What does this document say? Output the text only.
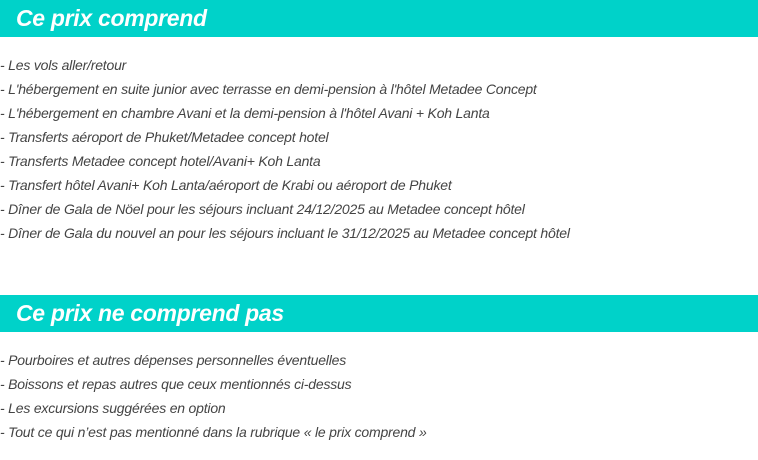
Ce prix comprend
- Les vols aller/retour
- L'hébergement en suite junior avec terrasse en demi-pension à l'hôtel Metadee Concept
- L'hébergement en chambre Avani et la demi-pension à l'hôtel Avani + Koh Lanta
- Transferts aéroport de Phuket/Metadee concept hotel
- Transferts Metadee concept hotel/Avani+ Koh Lanta
- Transfert hôtel Avani+ Koh Lanta/aéroport de Krabi ou aéroport de Phuket
- Dîner de Gala de Nöel pour les séjours incluant 24/12/2025 au Metadee concept hôtel
- Dîner de Gala du nouvel an pour les séjours incluant le 31/12/2025 au Metadee concept hôtel
Ce prix ne comprend pas
- Pourboires et autres dépenses personnelles éventuelles
- Boissons et repas autres que ceux mentionnés ci-dessus
- Les excursions suggérées en option
- Tout ce qui n’est pas mentionné dans la rubrique « le prix comprend »
